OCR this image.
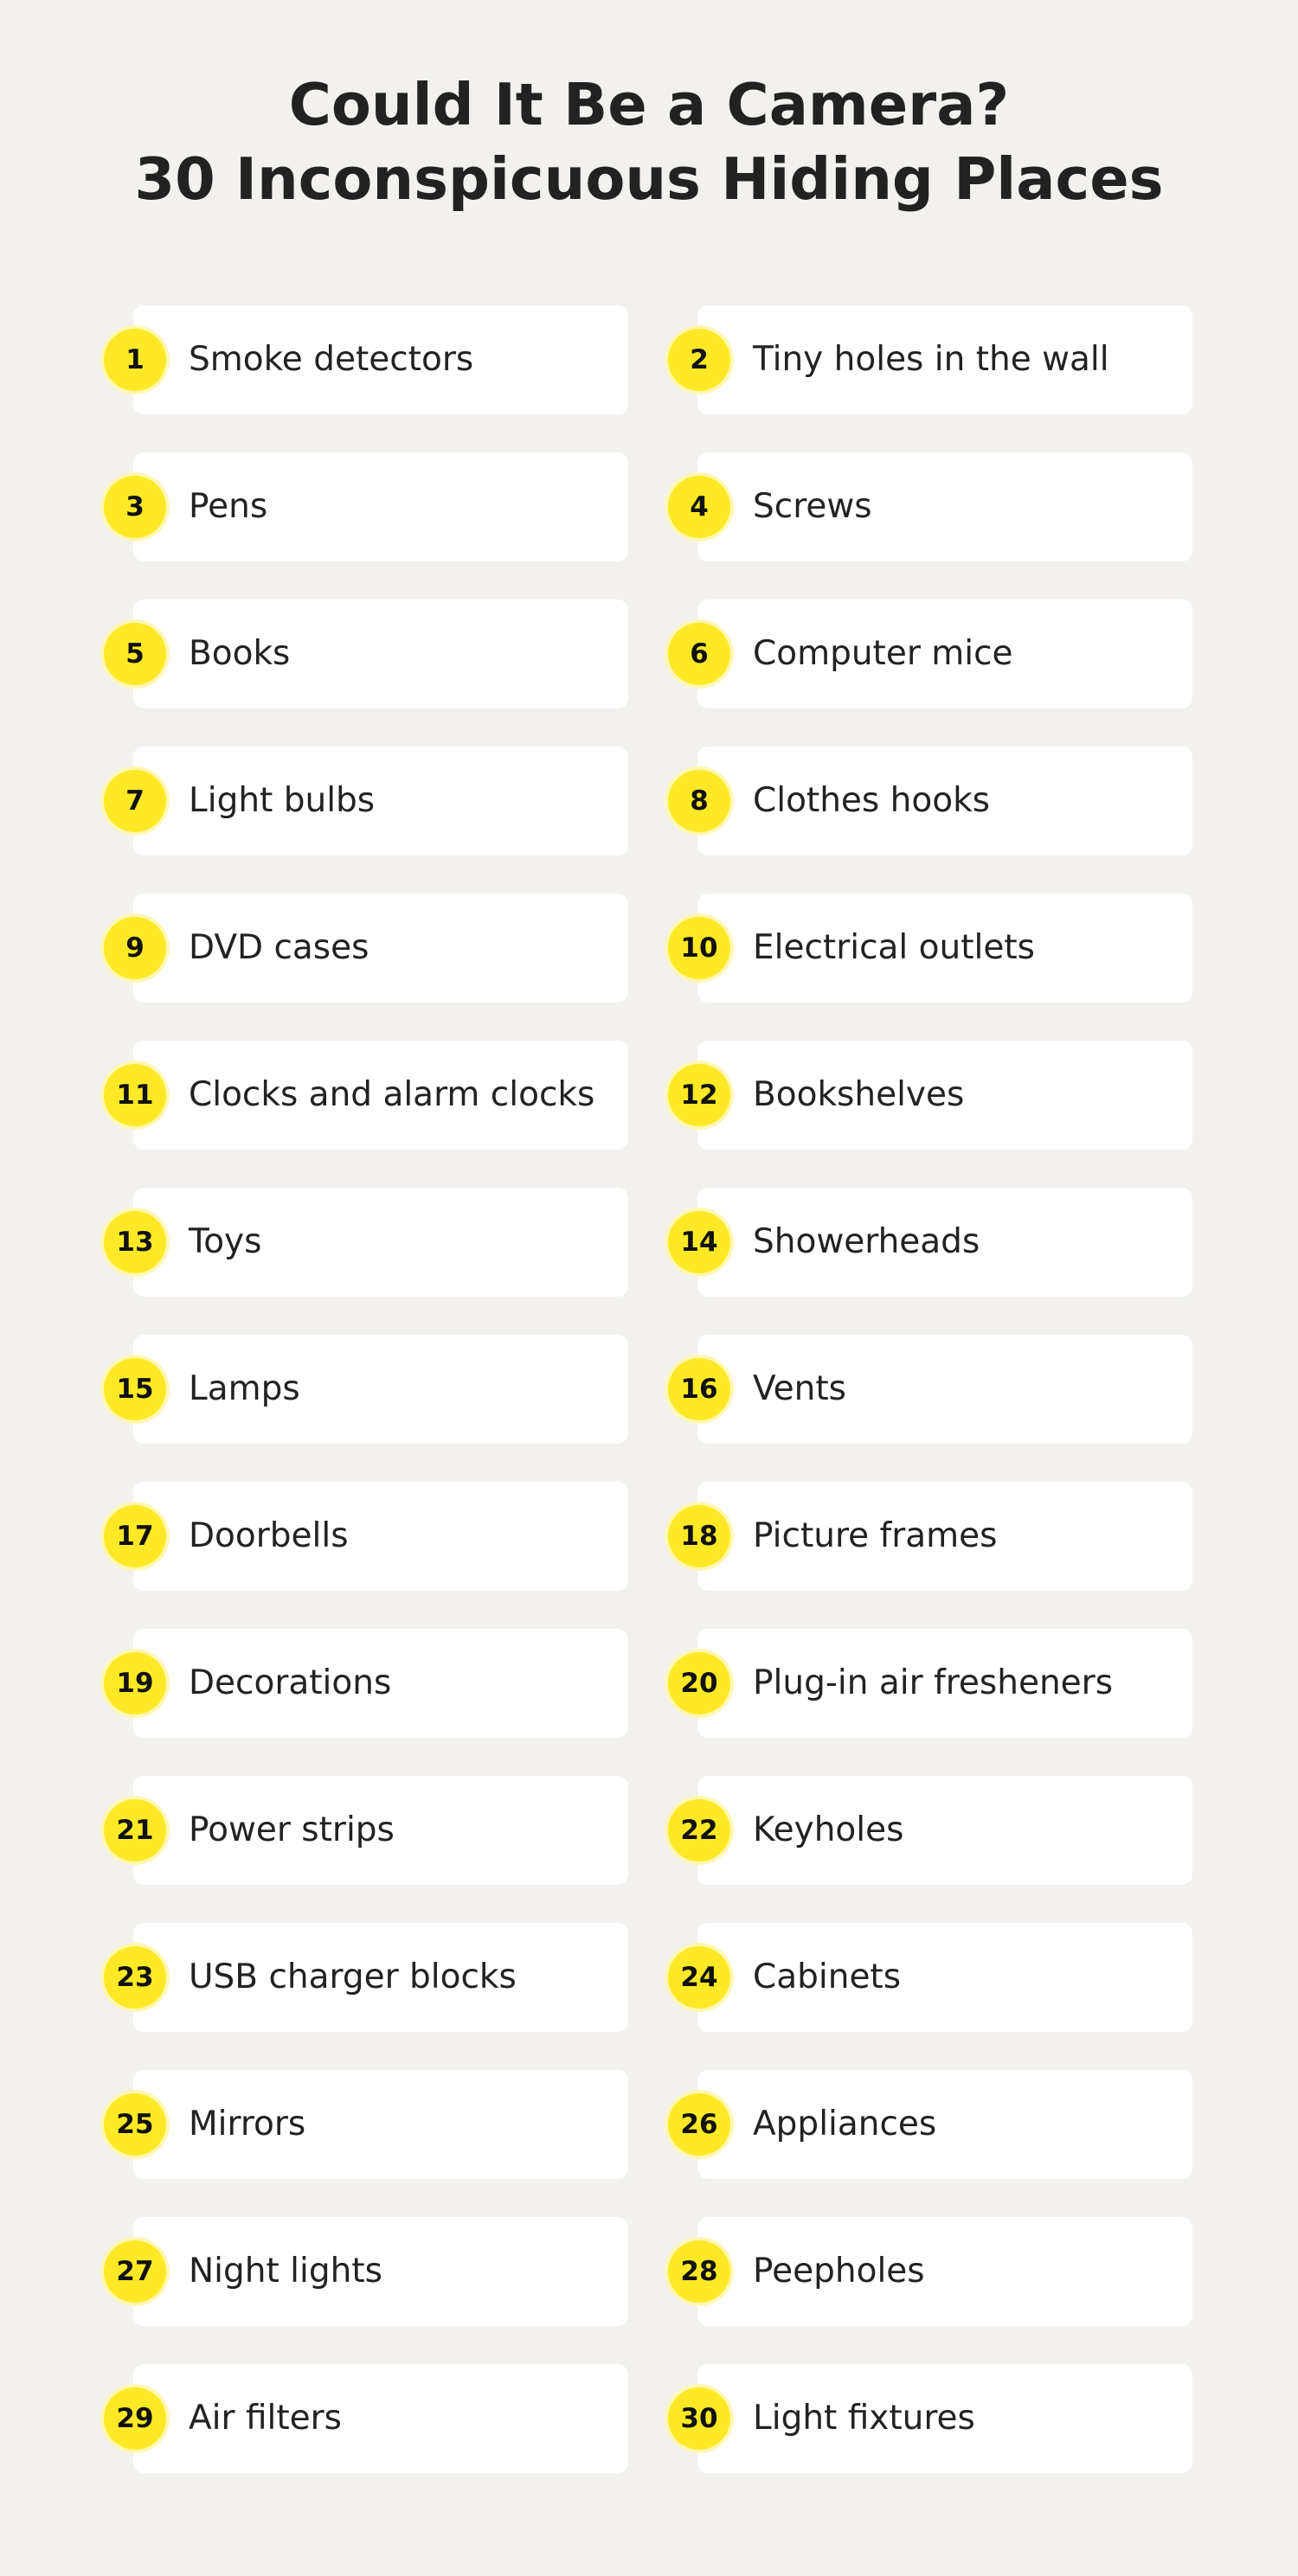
Could It Be a Camera?
30 Inconspicuous Hiding Places
1	Smoke detectors	2	Tiny holes in the wall
3	Pens	4	Screws
5	Books	6	Computer mice
7	Light bulbs	8	Clothes hooks
9	DVD cases	10	Electrical outlets
11	Clocks and alarm clocks	12	Bookshelves
13	Toys	14	Showerheads
15	Lamps	16	Vents
17	Doorbells	18	Picture frames
19	Decorations	20	Plug-in air fresheners
21	Power strips	22	Keyholes
23	USB charger blocks	24	Cabinets
25	Mirrors	26	Appliances
27	Night lights	28	Peepholes
29	Air filters	30	Light fixtures
